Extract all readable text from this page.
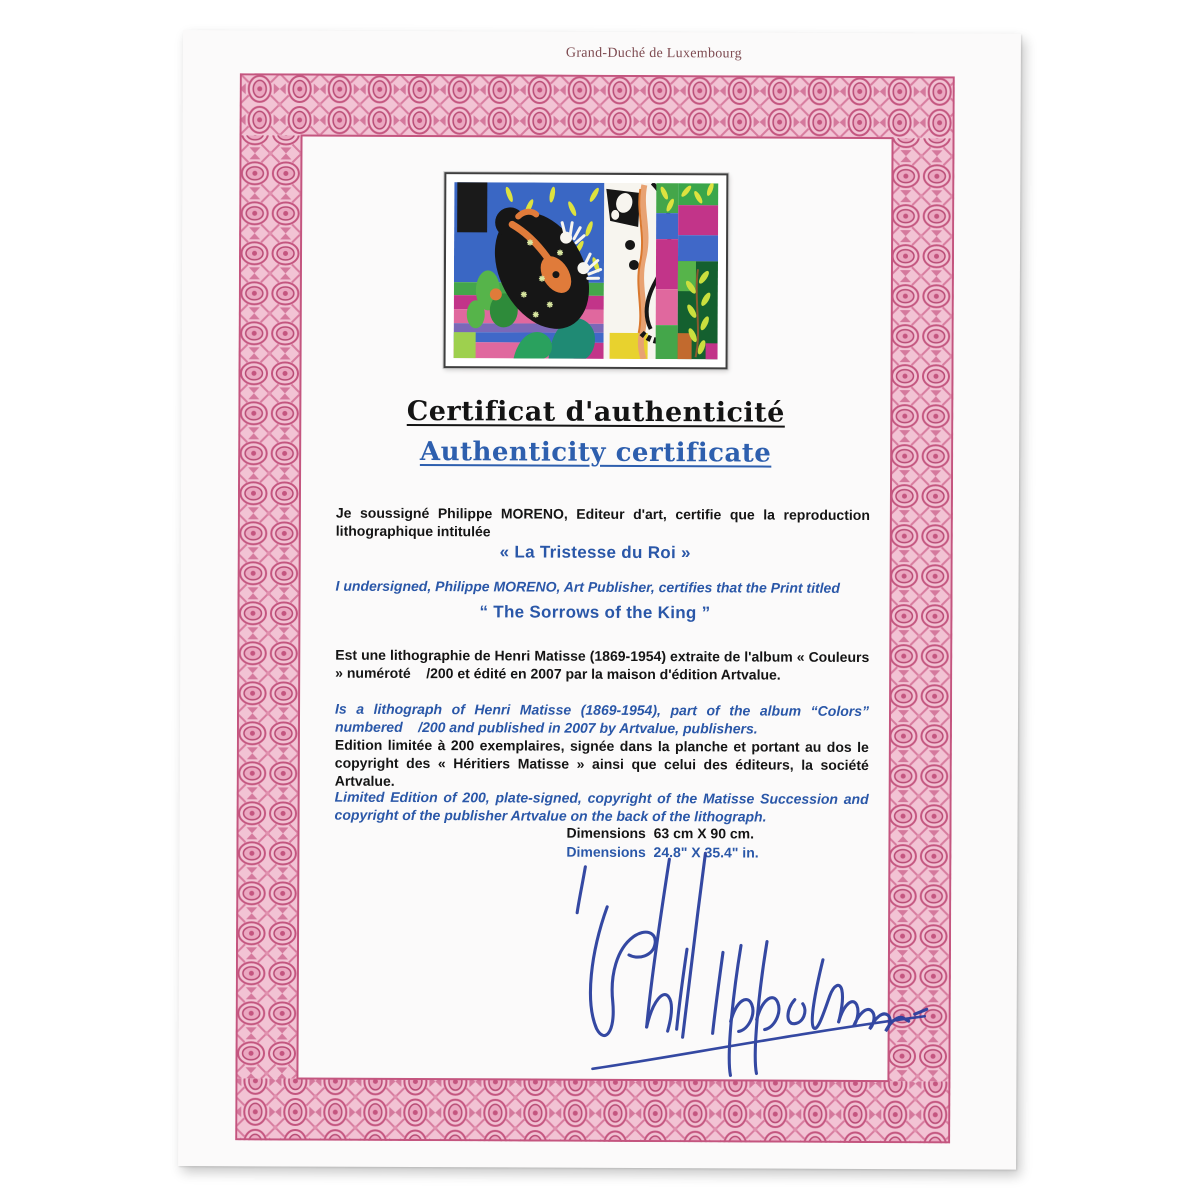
Grand-Duché de Luxembourg
Certificat d'authenticité
Authenticity certificate
Je soussigné Philippe MORENO, Editeur d'art, certifie que la reproduction lithographique intitulée
« La Tristesse du Roi »
I undersigned, Philippe MORENO, Art Publisher, certifies that the Print titled
“ The Sorrows of the King ”
Est une lithographie de Henri Matisse (1869-1954) extraite de l'album « Couleurs » numéroté    /200 et édité en 2007 par la maison d'édition Artvalue.
Is a lithograph of Henri Matisse (1869-1954), part of the album “Colors” numbered    /200 and published in 2007 by Artvalue, publishers.
Edition limitée à 200 exemplaires, signée dans la planche et portant au dos le copyright des « Héritiers Matisse » ainsi que celui des éditeurs, la société Artvalue.
Limited Edition of 200, plate-signed, copyright of the Matisse Succession and copyright of the publisher Artvalue on the back of the lithograph.
Dimensions  63 cm X 90 cm.
Dimensions  24.8" X 35.4" in.
